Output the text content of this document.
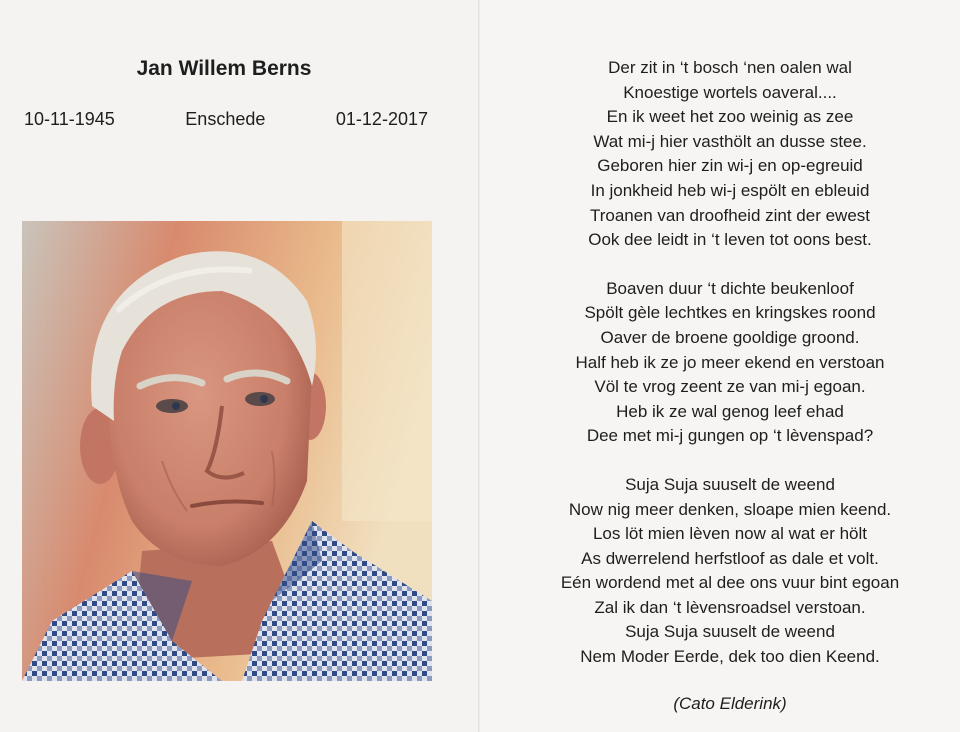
Jan Willem Berns
10-11-1945	Enschede	01-12-2017
Der zit in ‘t bosch ‘nen oalen wal
Knoestige wortels oaveral....
En ik weet het zoo weinig as zee
Wat mi-j hier vasthölt an dusse stee.
Geboren hier zin wi-j en op-egreuid
In jonkheid heb wi-j espölt en ebleuid
Troanen van droofheid zint der ewest
Ook dee leidt in ‘t leven tot oons best.
Boaven duur ‘t dichte beukenloof
Spölt gèle lechtkes en kringskes roond
Oaver de broene gooldige groond.
Half heb ik ze jo meer ekend en verstoan
Völ te vrog zeent ze van mi-j egoan.
Heb ik ze wal genog leef ehad
Dee met mi-j gungen op ‘t lèvenspad?
Suja Suja suuselt de weend
Now nig meer denken, sloape mien keend.
Los löt mien lèven now al wat er hölt
As dwerrelend herfstloof as dale et volt.
Eén wordend met al dee ons vuur bint egoan
Zal ik dan ‘t lèvensroadsel verstoan.
Suja Suja suuselt de weend
Nem Moder Eerde, dek too dien Keend.
(Cato Elderink)
